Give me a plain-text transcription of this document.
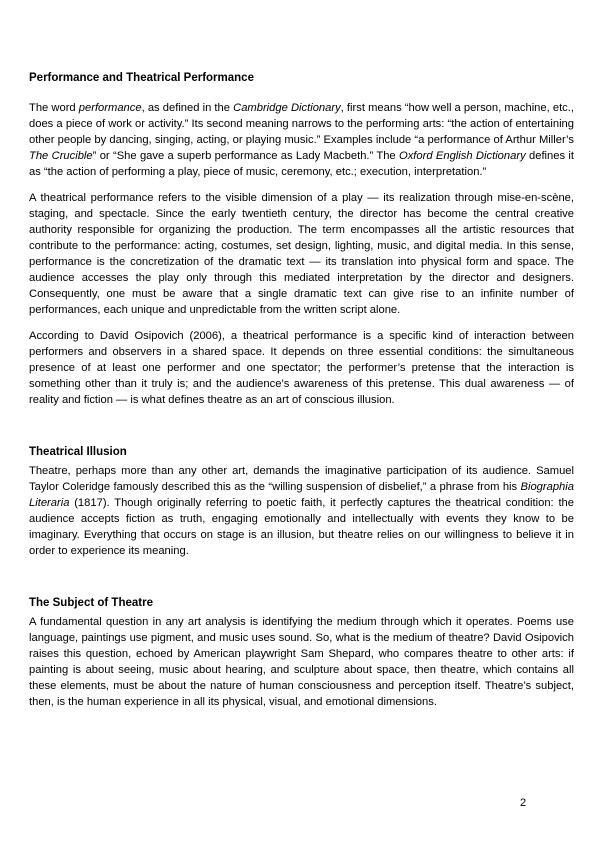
Performance and Theatrical Performance

The word performance, as defined in the Cambridge Dictionary, first means “how well a person, machine, etc., does a piece of work or activity.” Its second meaning narrows to the performing arts: “the action of entertaining other people by dancing, singing, acting, or playing music.” Examples include “a performance of Arthur Miller’s The Crucible” or “She gave a superb performance as Lady Macbeth.” The Oxford English Dictionary defines it as “the action of performing a play, piece of music, ceremony, etc.; execution, interpretation.”

A theatrical performance refers to the visible dimension of a play — its realization through mise-en-scène, staging, and spectacle. Since the early twentieth century, the director has become the central creative authority responsible for organizing the production. The term encompasses all the artistic resources that contribute to the performance: acting, costumes, set design, lighting, music, and digital media. In this sense, performance is the concretization of the dramatic text — its translation into physical form and space. The audience accesses the play only through this mediated interpretation by the director and designers. Consequently, one must be aware that a single dramatic text can give rise to an infinite number of performances, each unique and unpredictable from the written script alone.

According to David Osipovich (2006), a theatrical performance is a specific kind of interaction between performers and observers in a shared space. It depends on three essential conditions: the simultaneous presence of at least one performer and one spectator; the performer’s pretense that the interaction is something other than it truly is; and the audience’s awareness of this pretense. This dual awareness — of reality and fiction — is what defines theatre as an art of conscious illusion.

Theatrical Illusion

Theatre, perhaps more than any other art, demands the imaginative participation of its audience. Samuel Taylor Coleridge famously described this as the “willing suspension of disbelief,” a phrase from his Biographia Literaria (1817). Though originally referring to poetic faith, it perfectly captures the theatrical condition: the audience accepts fiction as truth, engaging emotionally and intellectually with events they know to be imaginary. Everything that occurs on stage is an illusion, but theatre relies on our willingness to believe it in order to experience its meaning.

The Subject of Theatre

A fundamental question in any art analysis is identifying the medium through which it operates. Poems use language, paintings use pigment, and music uses sound. So, what is the medium of theatre? David Osipovich raises this question, echoed by American playwright Sam Shepard, who compares theatre to other arts: if painting is about seeing, music about hearing, and sculpture about space, then theatre, which contains all these elements, must be about the nature of human consciousness and perception itself. Theatre’s subject, then, is the human experience in all its physical, visual, and emotional dimensions.

2
